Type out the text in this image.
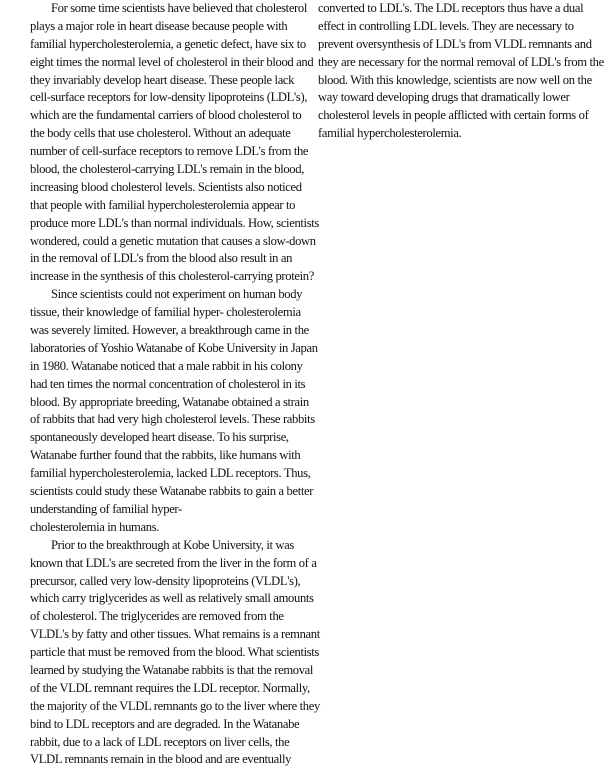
For some time scientists have believed that cholesterol
plays a major role in heart disease because people with
familial hypercholesterolemia, a genetic defect, have six to
eight times the normal level of cholesterol in their blood and
they invariably develop heart disease. These people lack
cell-surface receptors for low-density lipoproteins (LDL's),
which are the fundamental carriers of blood cholesterol to
the body cells that use cholesterol. Without an adequate
number of cell-surface receptors to remove LDL's from the
blood, the cholesterol-carrying LDL's remain in the blood,
increasing blood cholesterol levels. Scientists also noticed
that people with familial hypercholesterolemia appear to
produce more LDL's than normal individuals. How, scientists
wondered, could a genetic mutation that causes a slow-down
in the removal of LDL's from the blood also result in an
increase in the synthesis of this cholesterol-carrying protein?
Since scientists could not experiment on human body
tissue, their knowledge of familial hyper- cholesterolemia
was severely limited. However, a breakthrough came in the
laboratories of Yoshio Watanabe of Kobe University in Japan
in 1980. Watanabe noticed that a male rabbit in his colony
had ten times the normal concentration of cholesterol in its
blood. By appropriate breeding, Watanabe obtained a strain
of rabbits that had very high cholesterol levels. These rabbits
spontaneously developed heart disease. To his surprise,
Watanabe further found that the rabbits, like humans with
familial hypercholesterolemia, lacked LDL receptors. Thus,
scientists could study these Watanabe rabbits to gain a better
understanding of familial hyper-
cholesterolemia in humans.
Prior to the breakthrough at Kobe University, it was
known that LDL's are secreted from the liver in the form of a
precursor, called very low-density lipoproteins (VLDL's),
which carry triglycerides as well as relatively small amounts
of cholesterol. The triglycerides are removed from the
VLDL's by fatty and other tissues. What remains is a remnant
particle that must be removed from the blood. What scientists
learned by studying the Watanabe rabbits is that the removal
of the VLDL remnant requires the LDL receptor. Normally,
the majority of the VLDL remnants go to the liver where they
bind to LDL receptors and are degraded. In the Watanabe
rabbit, due to a lack of LDL receptors on liver cells, the
VLDL remnants remain in the blood and are eventually
converted to LDL's. The LDL receptors thus have a dual
effect in controlling LDL levels. They are necessary to
prevent oversynthesis of LDL's from VLDL remnants and
they are necessary for the normal removal of LDL's from the
blood. With this knowledge, scientists are now well on the
way toward developing drugs that dramatically lower
cholesterol levels in people afflicted with certain forms of
familial hypercholesterolemia.
